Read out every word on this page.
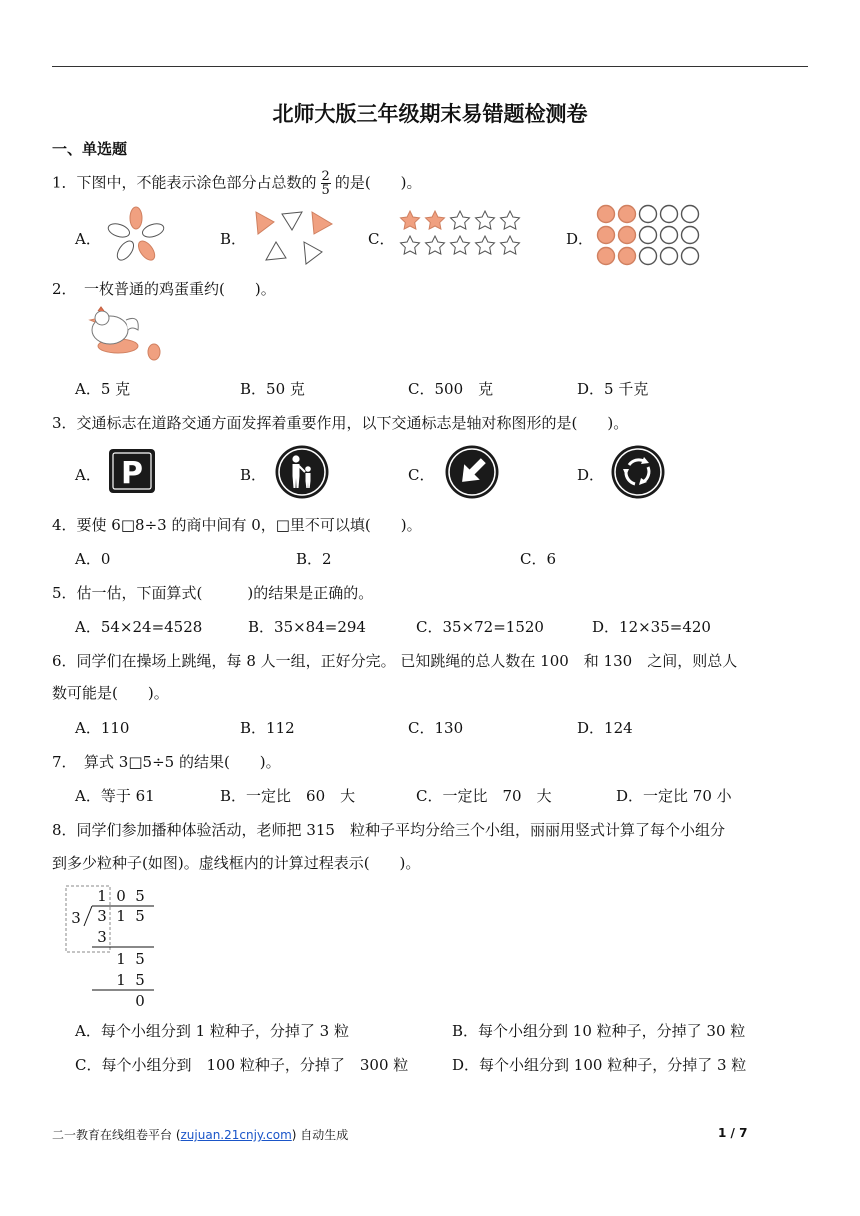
北师大版三年级期末易错题检测卷
一、单选题
1．下图中，不能表示涂色部分占总数的 $\frac{2}{5}$ 的是(　　)。
A．	B．	C．	D．
2．　一枚普通的鸡蛋重约(　　)。
A．5 克	B．50 克	C．500　克	D．5 千克
3．交通标志在道路交通方面发挥着重要作用，以下交通标志是轴对称图形的是(　　)。
A．	B．	C．	D．
P
4．要使 6□8÷3 的商中间有 0，□里不可以填(　　)。
A．0	B．2	C．6
5．估一估，下面算式(　　　)的结果是正确的。
A．54×24=4528	B．35×84=294	C．35×72=1520	D．12×35=420
6．同学们在操场上跳绳，每 8 人一组，正好分完。 已知跳绳的总人数在 100　和 130　之间，则总人
数可能是(　　)。
A．110	B．112	C．130	D．124
7．　算式 3□5÷5 的结果(　　)。
A．等于 61	B．一定比　60　大	C．一定比　70　大	D．一定比 70 小
8．同学们参加播种体验活动，老师把 315　粒种子平均分给三个小组，丽丽用竖式计算了每个小组分
到多少粒种子(如图)。虚线框内的计算过程表示(　　)。
1 0 5
3 3 1 5
3
1 5
1 5
0
A．每个小组分到 1 粒种子，分掉了 3 粒	B．每个小组分到 10 粒种子，分掉了 30 粒
C．每个小组分到　100 粒种子，分掉了　300 粒	D．每个小组分到 100 粒种子，分掉了 3 粒
二一教育在线组卷平台 (zujuan.21cnjy.com) 自动生成	1 / 7
